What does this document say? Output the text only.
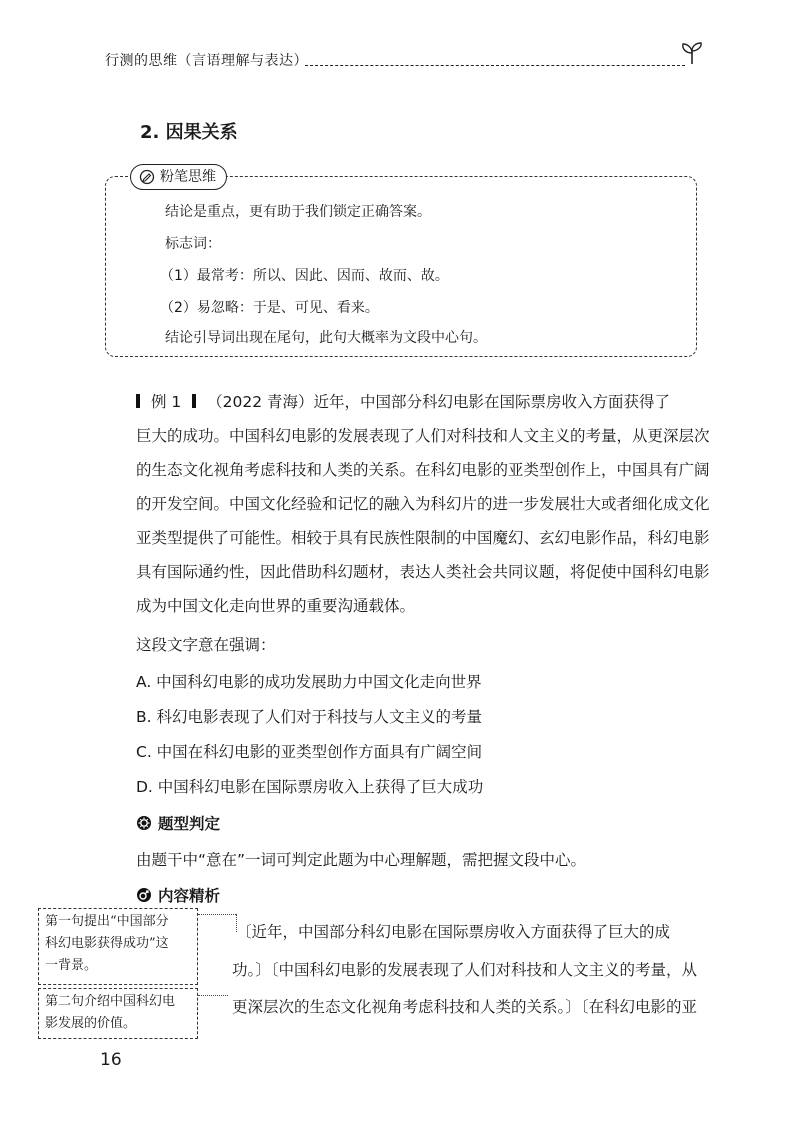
行测的思维（言语理解与表达）
2. 因果关系
粉笔思维
结论是重点，更有助于我们锁定正确答案。
标志词：
（1）最常考：所以、因此、因而、故而、故。
（2）易忽略：于是、可见、看来。
结论引导词出现在尾句，此句大概率为文段中心句。
例 1 （2022 青海）近年，中国部分科幻电影在国际票房收入方面获得了
巨大的成功。中国科幻电影的发展表现了人们对科技和人文主义的考量，从更深层次
的生态文化视角考虑科技和人类的关系。在科幻电影的亚类型创作上，中国具有广阔
的开发空间。中国文化经验和记忆的融入为科幻片的进一步发展壮大或者细化成文化
亚类型提供了可能性。相较于具有民族性限制的中国魔幻、玄幻电影作品，科幻电影
具有国际通约性，因此借助科幻题材，表达人类社会共同议题，将促使中国科幻电影
成为中国文化走向世界的重要沟通载体。
这段文字意在强调：
A. 中国科幻电影的成功发展助力中国文化走向世界
B. 科幻电影表现了人们对于科技与人文主义的考量
C. 中国在科幻电影的亚类型创作方面具有广阔空间
D. 中国科幻电影在国际票房收入上获得了巨大成功
题型判定
由题干中“意在”一词可判定此题为中心理解题，需把握文段中心。
内容精析
第一句提出“中国部分
科幻电影获得成功”这
一背景。
第二句介绍中国科幻电
影发展的价值。
〔近年，中国部分科幻电影在国际票房收入方面获得了巨大的成
功。〕〔中国科幻电影的发展表现了人们对科技和人文主义的考量，从
更深层次的生态文化视角考虑科技和人类的关系。〕〔在科幻电影的亚
16
